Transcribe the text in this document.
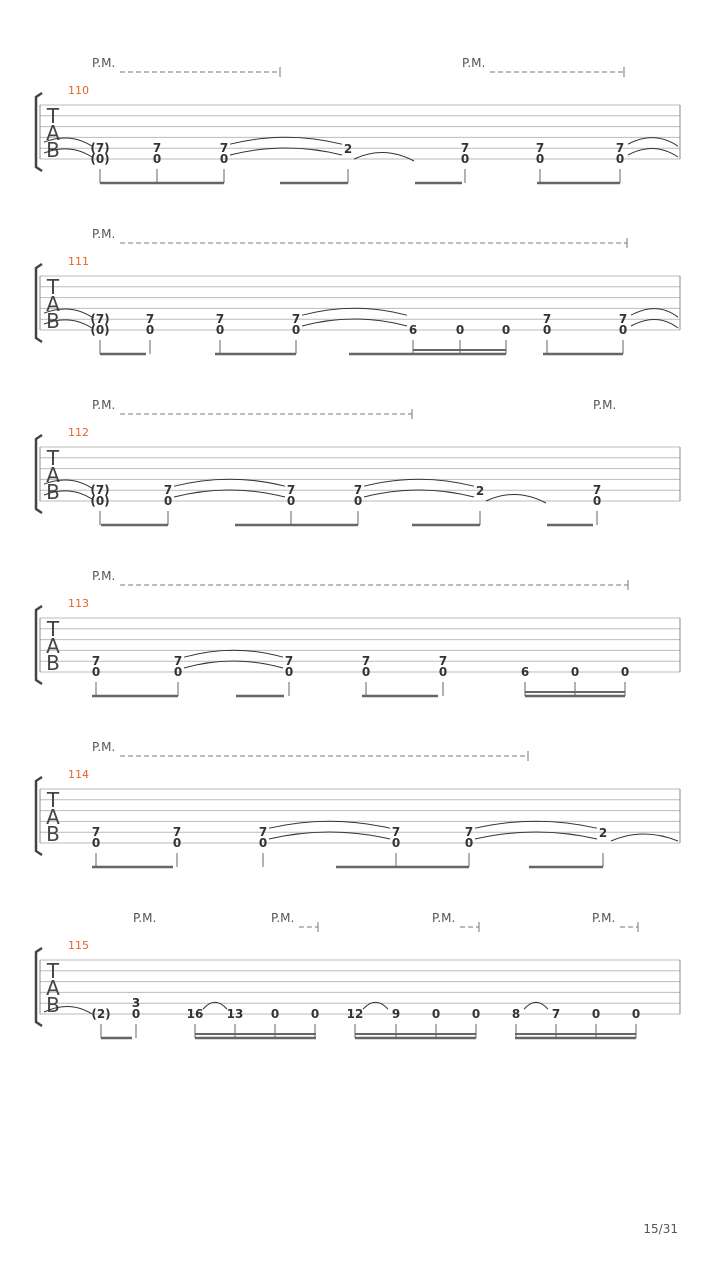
T
A
B
110
P.M.	P.M.
(7)
(0)
7
0
7
0
2	7
0
7
0
7
0
T
A
B
111
P.M.
(7)
(0)
7
0
7
0
7
0	6	0	0
7
0
7
0
T
A
B
112
P.M.	P.M.
(7)
(0)
7
0
7
0
7
0
2	7
0
T
A
B
113
P.M.
7
0
7
0
7
0
7
0
7
0	6	0	0
T
A
B
114
P.M.
7
0
7
0
7
0
7
0
7
0
2
T
A
B
115
P.M.	P.M.	P.M.	P.M.
(2)
3
0	16 13 0	0 12 9	0	0	8	7	0	0
15/31
